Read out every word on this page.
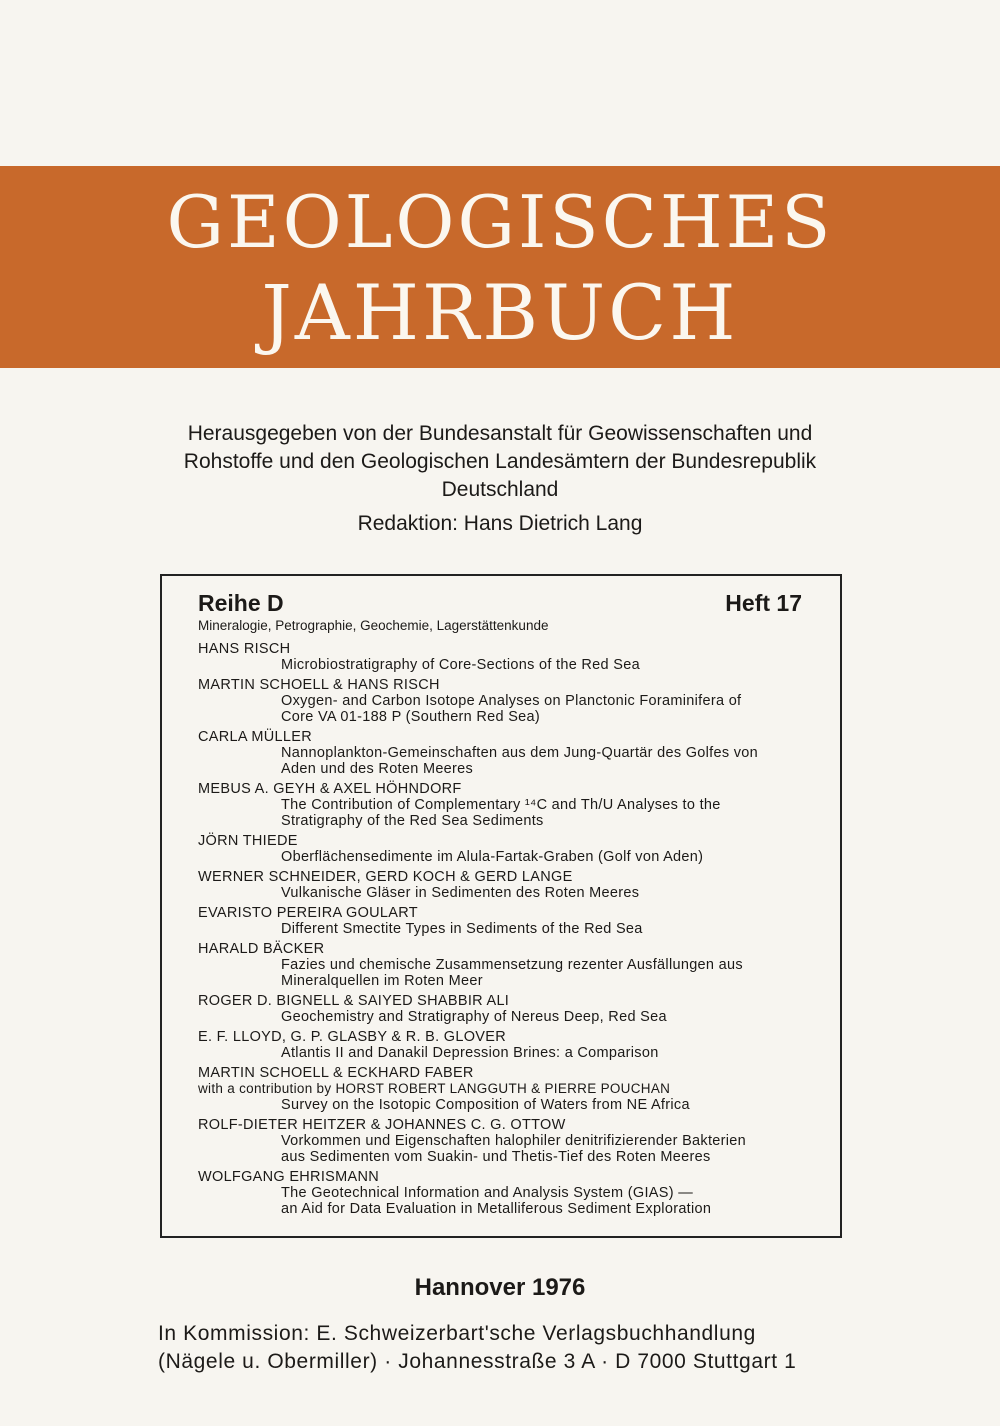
GEOLOGISCHES
JAHRBUCH
Herausgegeben von der Bundesanstalt für Geowissenschaften und
Rohstoffe und den Geologischen Landesämtern der Bundesrepublik
Deutschland
Redaktion: Hans Dietrich Lang
Reihe D	Heft 17
Mineralogie, Petrographie, Geochemie, Lagerstättenkunde
HANS RISCH
Microbiostratigraphy of Core-Sections of the Red Sea
MARTIN SCHOELL & HANS RISCH
Oxygen- and Carbon Isotope Analyses on Planctonic Foraminifera of
Core VA 01-188 P (Southern Red Sea)
CARLA MÜLLER
Nannoplankton-Gemeinschaften aus dem Jung-Quartär des Golfes von
Aden und des Roten Meeres
MEBUS A. GEYH & AXEL HÖHNDORF
The Contribution of Complementary ¹⁴C and Th/U Analyses to the
Stratigraphy of the Red Sea Sediments
JÖRN THIEDE
Oberflächensedimente im Alula-Fartak-Graben (Golf von Aden)
WERNER SCHNEIDER, GERD KOCH & GERD LANGE
Vulkanische Gläser in Sedimenten des Roten Meeres
EVARISTO PEREIRA GOULART
Different Smectite Types in Sediments of the Red Sea
HARALD BÄCKER
Fazies und chemische Zusammensetzung rezenter Ausfällungen aus
Mineralquellen im Roten Meer
ROGER D. BIGNELL & SAIYED SHABBIR ALI
Geochemistry and Stratigraphy of Nereus Deep, Red Sea
E. F. LLOYD, G. P. GLASBY & R. B. GLOVER
Atlantis II and Danakil Depression Brines: a Comparison
MARTIN SCHOELL & ECKHARD FABER
with a contribution by HORST ROBERT LANGGUTH & PIERRE POUCHAN
Survey on the Isotopic Composition of Waters from NE Africa
ROLF-DIETER HEITZER & JOHANNES C. G. OTTOW
Vorkommen und Eigenschaften halophiler denitrifizierender Bakterien
aus Sedimenten vom Suakin- und Thetis-Tief des Roten Meeres
WOLFGANG EHRISMANN
The Geotechnical Information and Analysis System (GIAS) —
an Aid for Data Evaluation in Metalliferous Sediment Exploration
Hannover 1976
In Kommission: E. Schweizerbart'sche Verlagsbuchhandlung
(Nägele u. Obermiller) · Johannesstraße 3 A · D 7000 Stuttgart 1
